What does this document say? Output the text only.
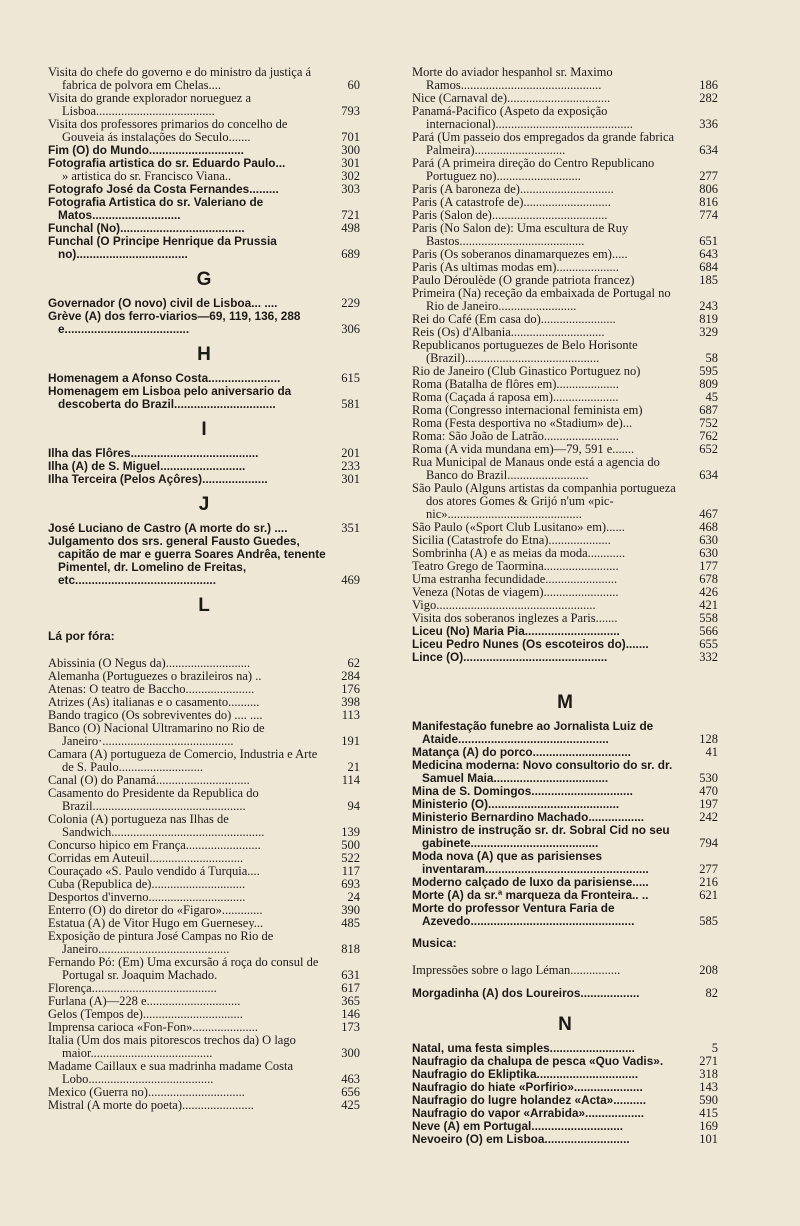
Visita do chefe do governo e do ministro da justiça á fabrica de polvora em Chelas....	60
Visita do grande explorador norueguez a Lisboa......................................	793
Visita dos professores primarios do concelho de Gouveia ás instalações do Seculo.......	701
Fim (O) do Mundo.............................	300
Fotografia artistica do sr. Eduardo Paulo...	301
» artistica do sr. Francisco Viana..	302
Fotografo José da Costa Fernandes.........	303
Fotografia Artistica do sr. Valeriano de Matos...........................	721
Funchal (No)......................................	498
Funchal (O Principe Henrique da Prussia no)..................................	689
G
Governador (O novo) civil de Lisboa... ....	229
Grève (A) dos ferro-viarios—69, 119, 136, 288 e......................................	306
H
Homenagem a Afonso Costa......................	615
Homenagem em Lisboa pelo aniversario da descoberta do Brazil...............................	581
I
Ilha das Flôres.......................................	201
Ilha (A) de S. Miguel..........................	233
Ilha Terceira (Pelos Açôres)....................	301
J
José Luciano de Castro (A morte do sr.) ....	351
Julgamento dos srs. general Fausto Guedes, capitão de mar e guerra Soares Andrêa, tenente Pimentel, dr. Lomelino de Freitas, etc...........................................	469
L
Lá por fóra:
Abissinia (O Negus da)...........................	62
Alemanha (Portuguezes o brazileiros na) ..	284
Atenas: O teatro de Baccho......................	176
Atrizes (As) italianas e o casamento..........	398
Bando tragico (Os sobreviventes do) .... ....	113
Banco (O) Nacional Ultramarino no Rio de Janeiro·..........................................	191
Camara (A) portugueza de Comercio, Industria e Arte de S. Paulo...........................	21
Canal (O) do Panamá..............................	114
Casamento do Presidente da Republica do Brazil.................................................	94
Colonia (A) portugueza nas Ilhas de Sandwich.................................................	139
Concurso hipico em França........................	500
Corridas em Auteuil..............................	522
Couraçado «S. Paulo vendido á Turquia....	117
Cuba (Republica de)..............................	693
Desportos d'inverno...............................	24
Enterro (O) do diretor do «Figaro».............	390
Estatua (A) de Vitor Hugo em Guernesey...	485
Exposição de pintura José Campas no Rio de Janeiro..........................................	818
Fernando Pó: (Em) Uma excursão á roça do consul de Portugal sr. Joaquim Machado.	631
Florença........................................	617
Furlana (A)—228 e..............................	365
Gelos (Tempos de)................................	146
Imprensa carioca «Fon-Fon».....................	173
Italia (Um dos mais pitorescos trechos da) O lago maior.......................................	300
Madame Caillaux e sua madrinha madame Costa Lobo........................................	463
Mexico (Guerra no)...............................	656
Mistral (A morte do poeta).......................	425
Morte do aviador hespanhol sr. Maximo Ramos.............................................	186
Nice (Carnaval de).................................	282
Panamá-Pacifico (Aspeto da exposição internacional)............................................	336
Pará (Um passeio dos empregados da grande fabrica Palmeira).............................	634
Pará (A primeira direção do Centro Republicano Portuguez no)...........................	277
Paris (A baroneza de)..............................	806
Paris (A catastrofe de)............................	816
Paris (Salon de).....................................	774
Paris (No Salon de): Uma escultura de Ruy Bastos........................................	651
Paris (Os soberanos dinamarquezes em).....	643
Paris (As ultimas modas em)....................	684
Paulo Déroulède (O grande patriota francez)	185
Primeira (Na) receção da embaixada de Portugal no Rio de Janeiro.........................	243
Rei do Café (Em casa do)........................	819
Reis (Os) d'Albania..............................	329
Republicanos portuguezes de Belo Horisonte (Brazil)...........................................	58
Rio de Janeiro (Club Ginastico Portuguez no)	595
Roma (Batalha de flôres em)....................	809
Roma (Caçada á raposa em).....................	45
Roma (Congresso internacional feminista em)	687
Roma (Festa desportiva no «Stadium» de)...	752
Roma: São João de Latrão........................	762
Roma (A vida mundana em)—79, 591 e.......	652
Rua Municipal de Manaus onde está a agencia do Banco do Brazil..........................	634
São Paulo (Alguns artistas da companhia portugueza dos atores Gomes & Grijó n'um «pic-nic»...........................................	467
São Paulo («Sport Club Lusitano» em)......	468
Sicilia (Catastrofe do Etna)....................	630
Sombrinha (A) e as meias da moda............	630
Teatro Grego de Taormina........................	177
Uma estranha fecundidade.......................	678
Veneza (Notas de viagem)........................	426
Vigo...................................................	421
Visita dos soberanos inglezes a Paris.......	558
Liceu (No) Maria Pia.............................	566
Liceu Pedro Nunes (Os escoteiros do).......	655
Lince (O)............................................	332
M
Manifestação funebre ao Jornalista Luiz de Ataide..............................................	128
Matança (A) do porco..............................	41
Medicina moderna: Novo consultorio do sr. dr. Samuel Maia...................................	530
Mina de S. Domingos...............................	470
Ministerio (O)........................................	197
Ministerio Bernardino Machado.................	242
Ministro de instrução sr. dr. Sobral Cid no seu gabinete.......................................	794
Moda nova (A) que as parisienses inventaram..................................................	277
Moderno calçado de luxo da parisiense.....	216
Morte (A) da sr.ª marqueza da Fronteira.. ..	621
Morte do professor Ventura Faria de Azevedo..................................................	585
Musica:
Impressões sobre o lago Léman................	208
Morgadinha (A) dos Loureiros..................	82
N
Natal, uma festa simples..........................	5
Naufragio da chalupa de pesca «Quo Vadis».	271
Naufragio do Ekliptika...............................	318
Naufragio do hiate «Porfirio».....................	143
Naufragio do lugre holandez «Acta»..........	590
Naufragio do vapor «Arrabida»..................	415
Neve (A) em Portugal............................	169
Nevoeiro (O) em Lisboa..........................	101
